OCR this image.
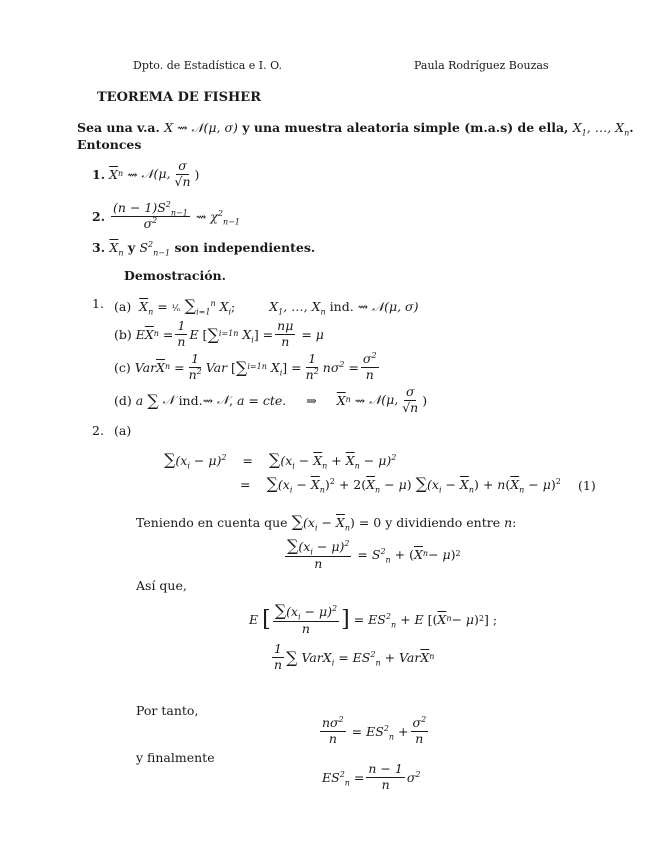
Dpto. de Estadística e I. O.	Paula Rodríguez Bouzas
TEOREMA DE FISHER
Sea una v.a. X ⇝ 𝒩(μ, σ) y una muestra aleatoria simple (m.a.s) de ella, $X_1$, …, $X_n$.
Entonces
1.
$\overline{X}$ n ⇝ 𝒩(μ, $\frac{\sigma}{√n}$ )
2.
$\frac{(n - 1)S^2_{n-1}}{\sigma^2}$ ⇝ $\chi^2_{n-1}$
3. $\overline{X}_n$ y $S^2_{n-1}$ son independientes.
Demostración.
1. (a) $\overline{X}_n$ = ¹⁄ₙ $\sum_{i=1}^n$ $X_i$;  $X_1$, …, $X_n$ ind. ⇝ 𝒩(μ, σ)
(b)
E $\overline{X}$ $n = \frac{1}{n}$ E [ ∑ i=1 n
$X_i$ ] = $\frac{n\mu}{n} = \mu$
(c)
Var $\overline{X}$ $n = \frac{1}{n^2}$ Var [ ∑ i=1 n
$X_i$ ] = $\frac{1}{n^2} n\sigma^2 = \frac{\sigma^2}{n}$
(d)
a
∑
𝒩
ind. ⇝ 𝒩 , a = cte. ⇒ $\overline{X}$ n ⇝ 𝒩(μ, $\frac{\sigma}{√n}$ )
2. (a)
$\sum(x_i - \mu)^2 = \sum(x_i - \overline{X}_n + \overline{X}_n - \mu)^2$
= $\sum(x_i - \overline{X}_n)^2 + 2(\overline{X}_n - \mu) \sum(x_i - \overline{X}_n) + n(\overline{X}_n - \mu)^2$ (1)
Teniendo en cuenta que $\sum(x_i - \overline{X}_n) = 0$ y dividiendo entre n:
$\frac{\sum(x_i - \mu)^2}{n} = S^2_n$ + ( $\overline{X}$ n − μ ) 2
Así que,
E
[ $\frac{\sum(x_i - \mu)^2}{n}$ ] = $ES^2_n + E$ [( $\overline{X}$ n − μ ) 2 ] ;
$\frac{1}{n}$ ∑
VarX$_i$ = $ES^2_n$ + Var $\overline{X}$ n
Por tanto,
$\frac{n\sigma^2}{n} = ES^2_n + \frac{\sigma^2}{n}$
y finalmente
$ES^2_n = \frac{n - 1}{n} \sigma^2$
